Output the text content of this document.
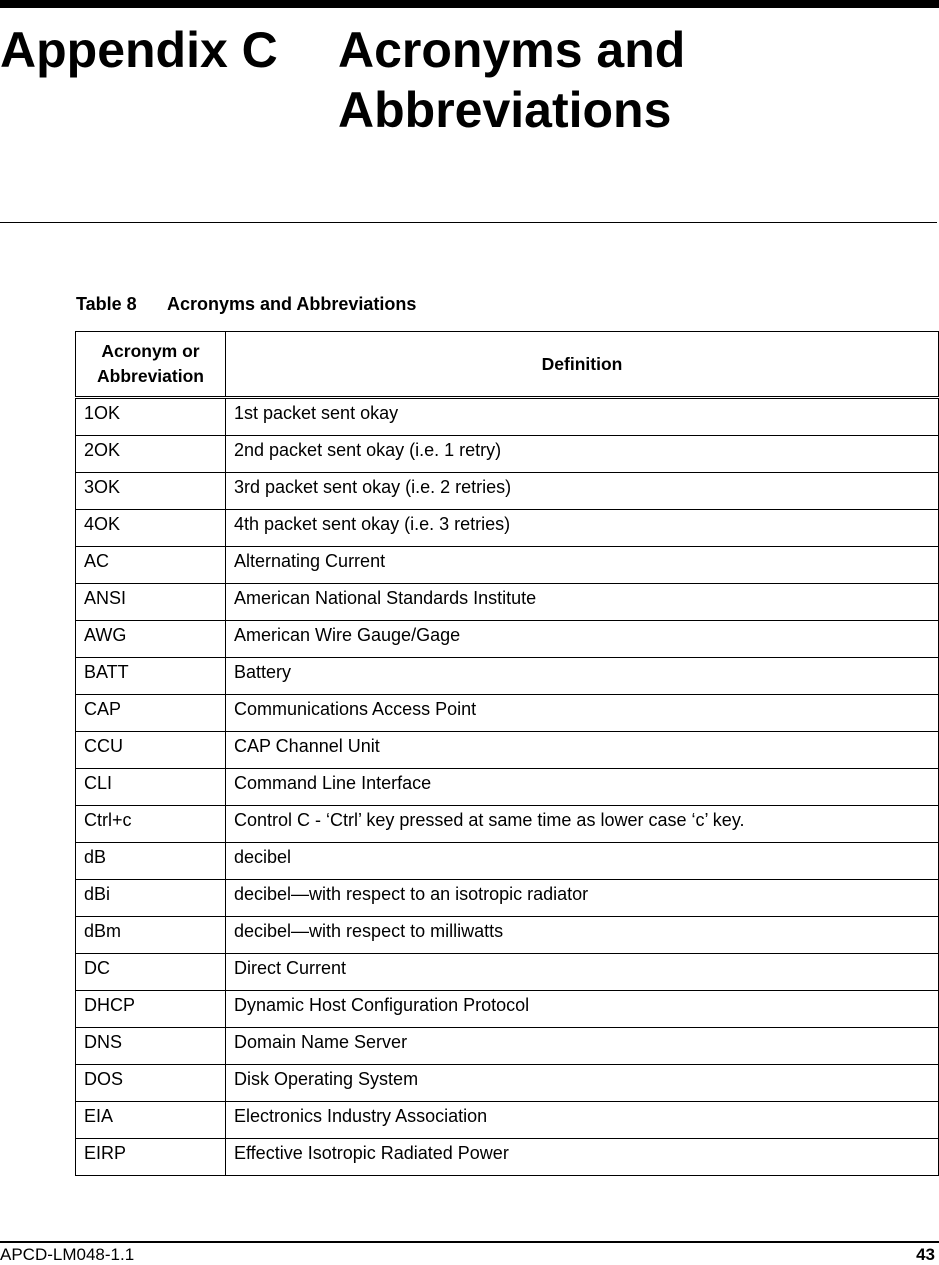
Appendix C Acronyms and
Abbreviations
Table 8 Acronyms and Abbreviations
Acronym or
Abbreviation	Definition
1OK	1st packet sent okay
2OK	2nd packet sent okay (i.e. 1 retry)
3OK	3rd packet sent okay (i.e. 2 retries)
4OK	4th packet sent okay (i.e. 3 retries)
AC	Alternating Current
ANSI	American National Standards Institute
AWG	American Wire Gauge/Gage
BATT	Battery
CAP	Communications Access Point
CCU	CAP Channel Unit
CLI	Command Line Interface
Ctrl+c	Control C - ‘Ctrl’ key pressed at same time as lower case ‘c’ key.
dB	decibel
dBi	decibel—with respect to an isotropic radiator
dBm	decibel—with respect to milliwatts
DC	Direct Current
DHCP	Dynamic Host Configuration Protocol
DNS	Domain Name Server
DOS	Disk Operating System
EIA	Electronics Industry Association
EIRP	Effective Isotropic Radiated Power
APCD-LM048-1.1	43
